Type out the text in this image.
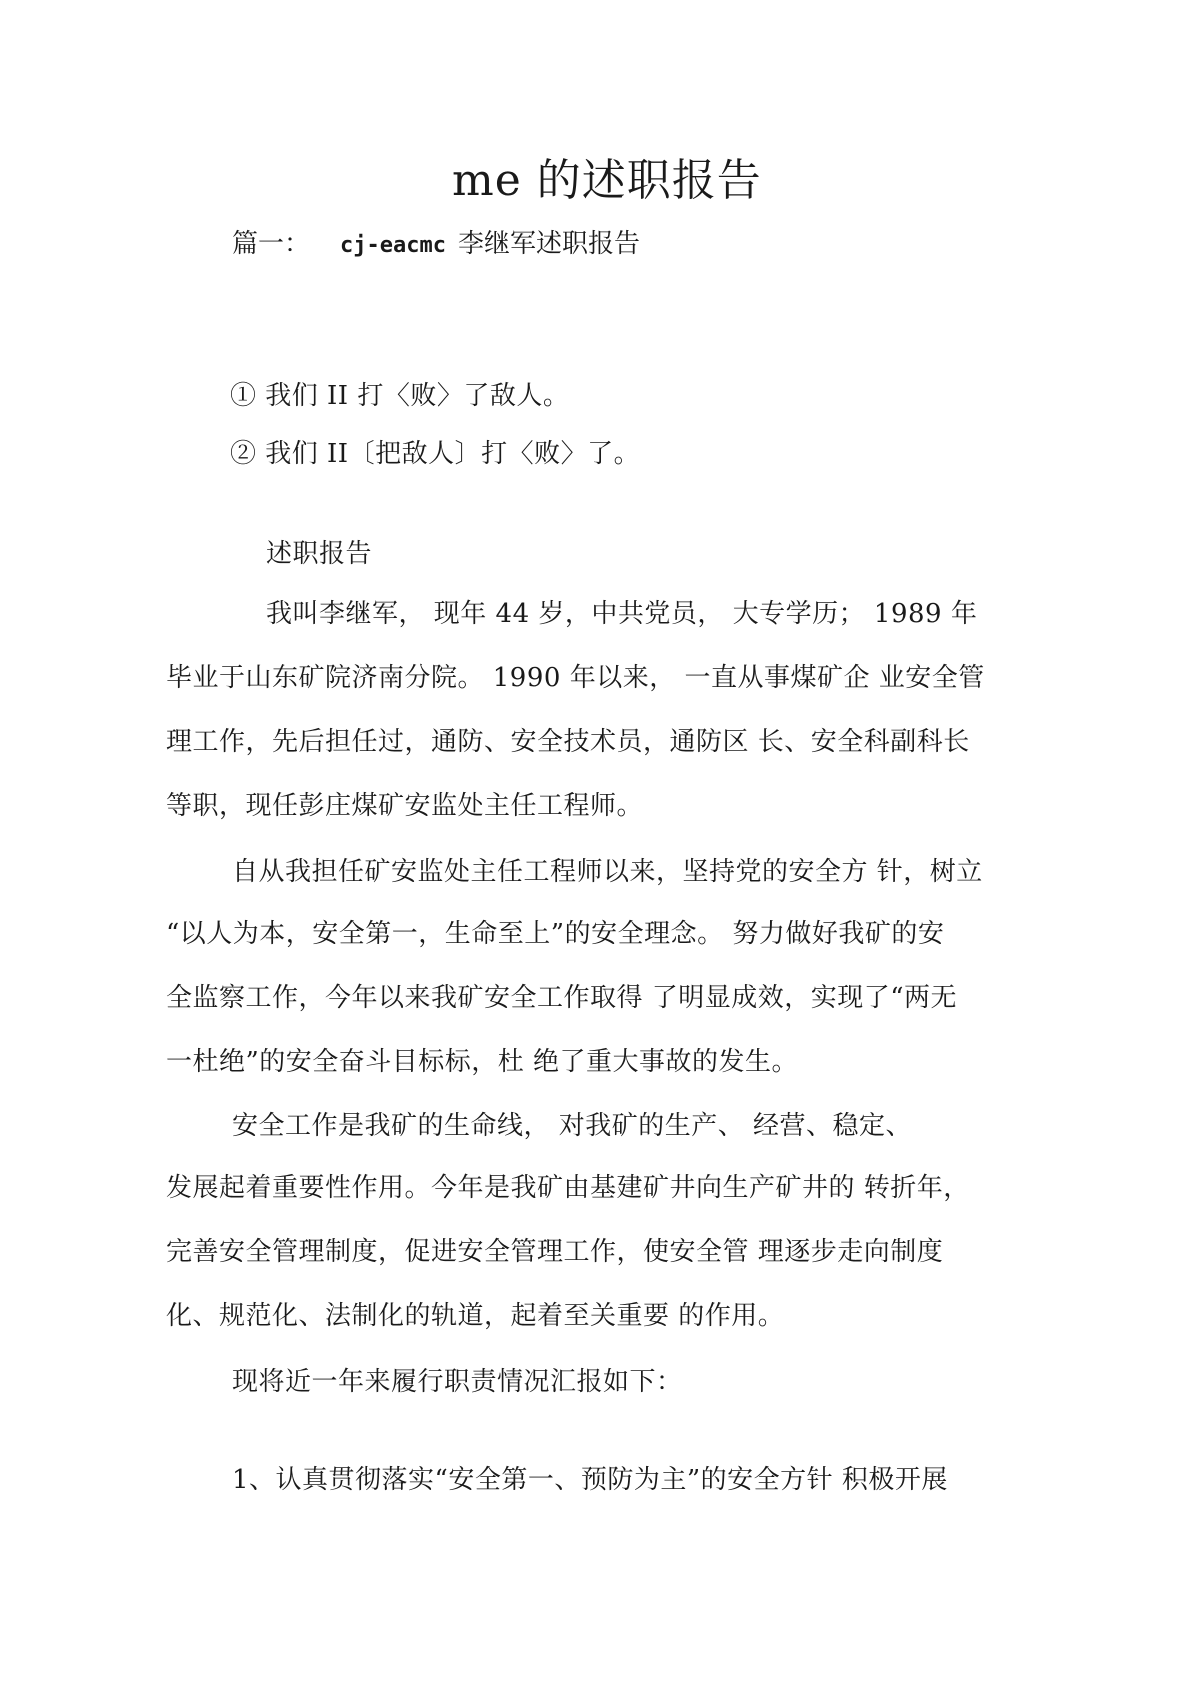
me 的述职报告
篇一： cj-eacmc 李继军述职报告
① 我们 II 打〈败〉了敌人。
② 我们 II〔把敌人〕打〈败〉了。
述职报告
我叫李继军， 现年 44 岁，中共党员， 大专学历； 1989 年
毕业于山东矿院济南分院。 1990 年以来， 一直从事煤矿企 业安全管
理工作，先后担任过，通防、安全技术员，通防区 长、安全科副科长
等职，现任彭庄煤矿安监处主任工程师。
自从我担任矿安监处主任工程师以来，坚持党的安全方 针，树立
“以人为本，安全第一，生命至上”的安全理念。 努力做好我矿的安
全监察工作，今年以来我矿安全工作取得 了明显成效，实现了“两无
一杜绝”的安全奋斗目标标，杜 绝了重大事故的发生。
安全工作是我矿的生命线， 对我矿的生产、 经营、稳定、
发展起着重要性作用。今年是我矿由基建矿井向生产矿井的 转折年，
完善安全管理制度，促进安全管理工作，使安全管 理逐步走向制度
化、规范化、法制化的轨道，起着至关重要 的作用。
现将近一年来履行职责情况汇报如下：
1、认真贯彻落实“安全第一、预防为主”的安全方针 积极开展
